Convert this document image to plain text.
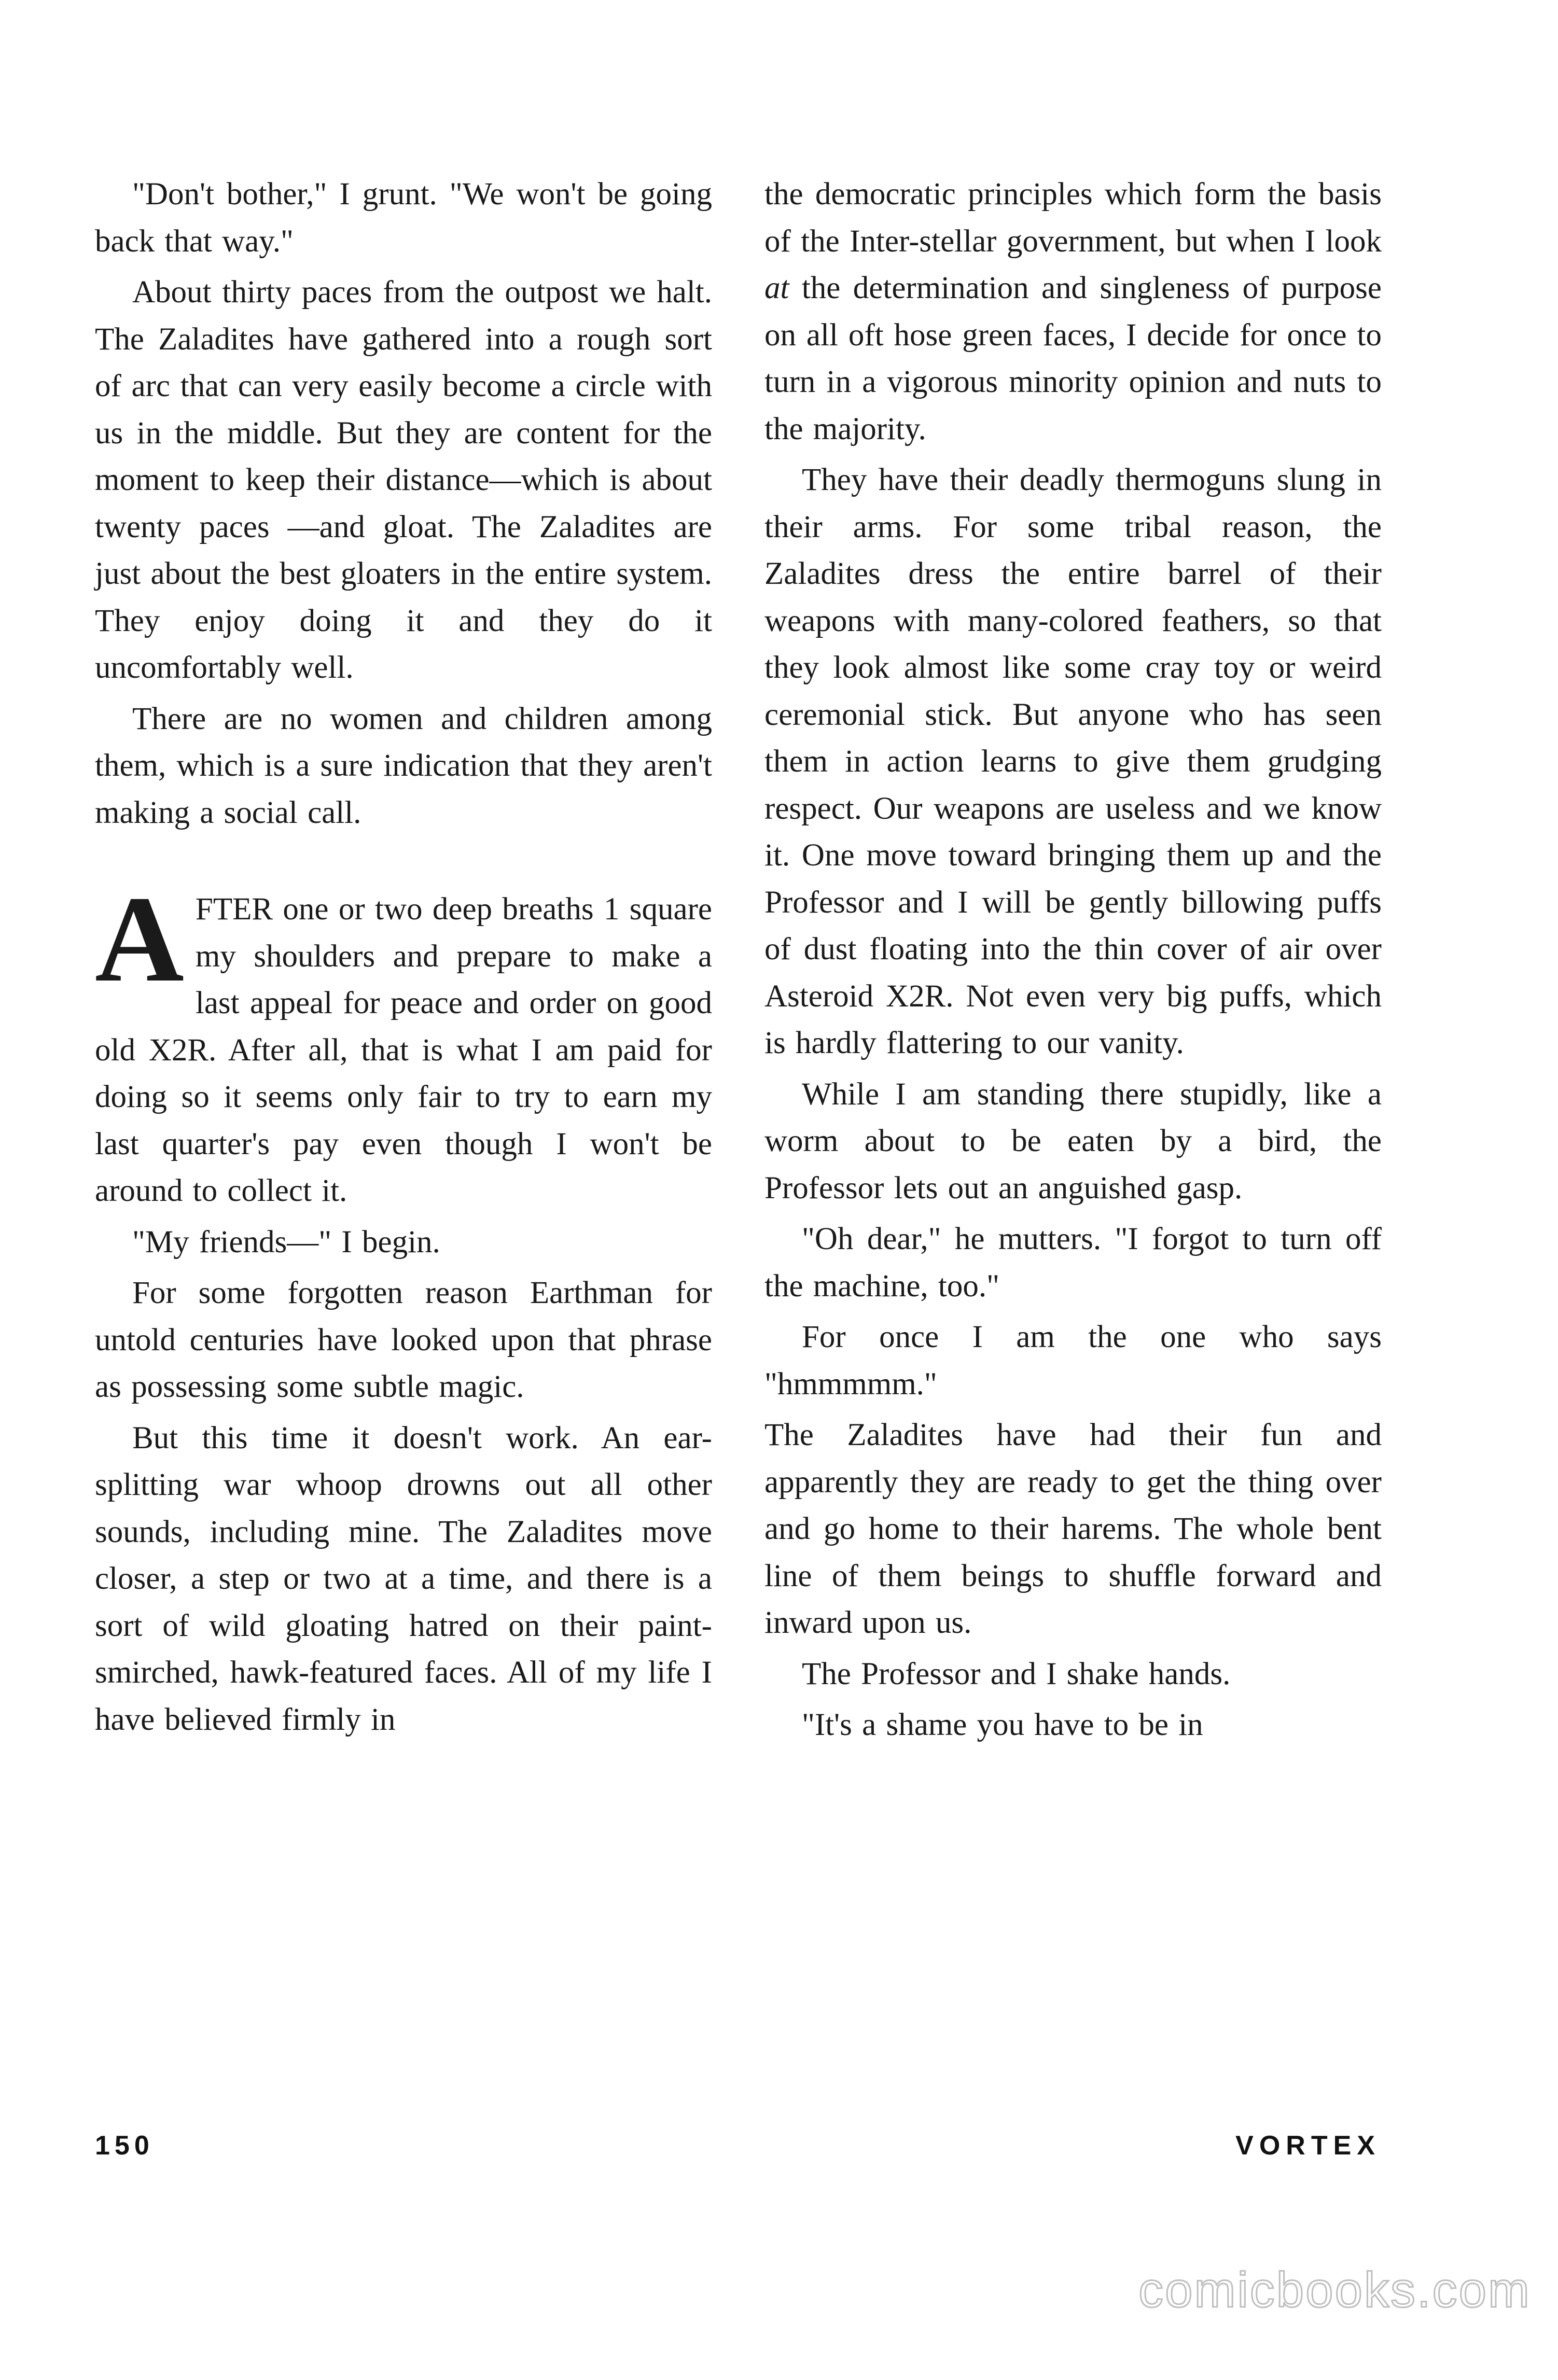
"Don't bother," I grunt. "We won't be going back that way."

About thirty paces from the outpost we halt. The Zaladites have gathered into a rough sort of arc that can very easily become a circle with us in the middle. But they are content for the moment to keep their distance—which is about twenty paces —and gloat. The Zaladites are just about the best gloaters in the entire system. They enjoy doing it and they do it uncomfortably well.

There are no women and children among them, which is a sure indication that they aren't making a social call.

AFTER one or two deep breaths 1 square my shoulders and prepare to make a last appeal for peace and order on good old X2R. After all, that is what I am paid for doing so it seems only fair to try to earn my last quarter's pay even though I won't be around to collect it.

"My friends—" I begin.

For some forgotten reason Earthman for untold centuries have looked upon that phrase as possessing some subtle magic.

But this time it doesn't work. An ear-splitting war whoop drowns out all other sounds, including mine. The Zaladites move closer, a step or two at a time, and there is a sort of wild gloating hatred on their paint-smirched, hawk-featured faces. All of my life I have believed firmly in

the democratic principles which form the basis of the Inter-stellar government, but when I look at the determination and singleness of purpose on all oft hose green faces, I decide for once to turn in a vigorous minority opinion and nuts to the majority.

They have their deadly thermoguns slung in their arms. For some tribal reason, the Zaladites dress the entire barrel of their weapons with many-colored feathers, so that they look almost like some cray toy or weird ceremonial stick. But anyone who has seen them in action learns to give them grudging respect. Our weapons are useless and we know it. One move toward bringing them up and the Professor and I will be gently billowing puffs of dust floating into the thin cover of air over Asteroid X2R. Not even very big puffs, which is hardly flattering to our vanity.

While I am standing there stupidly, like a worm about to be eaten by a bird, the Professor lets out an anguished gasp.

"Oh dear," he mutters. "I forgot to turn off the machine, too."

For once I am the one who says "hmmmmm."

The Zaladites have had their fun and apparently they are ready to get the thing over and go home to their harems. The whole bent line of them beings to shuffle forward and inward upon us.

The Professor and I shake hands.

"It's a shame you have to be in

150	VORTEX
comicbooks.com
